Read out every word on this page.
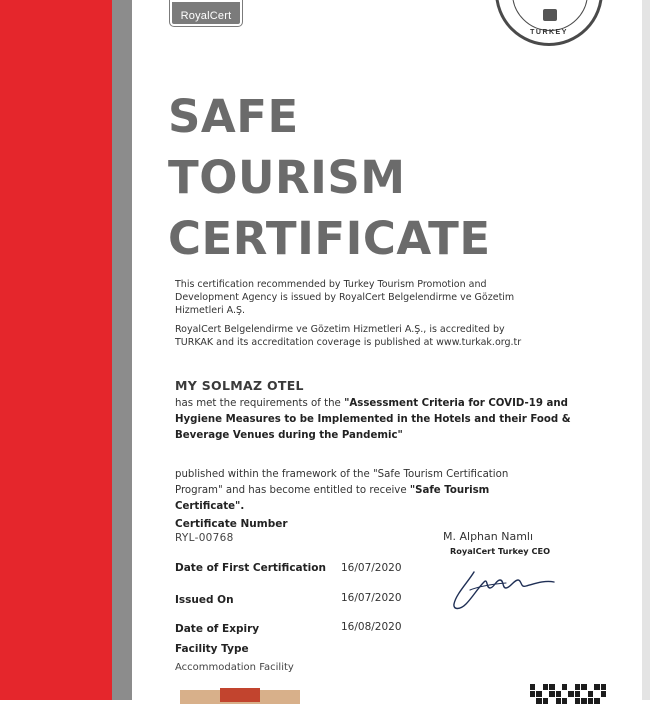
RoyalCert
TURKEY
SAFE
TOURISM
CERTIFICATE
This certification recommended by Turkey Tourism Promotion and Development Agency is issued by RoyalCert Belgelendirme ve Gözetim Hizmetleri A.Ş.
RoyalCert Belgelendirme ve Gözetim Hizmetleri A.Ş., is accredited by TURKAK and its accreditation coverage is published at www.turkak.org.tr
MY SOLMAZ OTEL
has met the requirements of the "Assessment Criteria for COVID-19 and Hygiene Measures to be Implemented in the Hotels and their Food & Beverage Venues during the Pandemic"
published within the framework of the "Safe Tourism Certification Program" and has become entitled to receive "Safe Tourism Certificate".
Certificate Number
RYL-00768
Date of First Certification 16/07/2020
Issued On	16/07/2020
Date of Expiry	16/08/2020
Facility Type
Accommodation Facility
M. Alphan Namlı
RoyalCert Turkey CEO
